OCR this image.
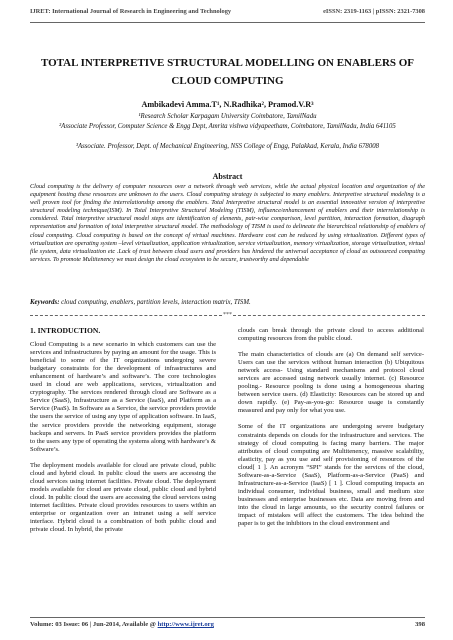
IJRET: International Journal of Research in Engineering and Technology	eISSN: 2319-1163 | pISSN: 2321-7308
TOTAL INTERPRETIVE STRUCTURAL MODELLING ON ENABLERS OF CLOUD COMPUTING
Ambikadevi Amma.T¹, N.Radhika², Pramod.V.R³
¹Research Scholar Karpagam University Coimbatore, TamilNadu
²Associate Professor, Computer Science & Engg Dept, Amrita vishwa vidyapeetham, Coimbatore, TamilNadu, India 641105
³Associate. Professor, Dept. of Mechanical Engineering, NSS College of Engg, Palakkad, Kerala, India 678008
Abstract
Cloud computing is the delivery of computer resources over a network through web services, while the actual physical location and organization of the equipment hosting these resources are unknown to the users. Cloud computing strategy is subjected to many enablers. Interpretive structural modeling is a well proven tool for finding the interrelationship among the enablers. Total Interpretive structural model is an essential innovative version of interpretive structural modeling technique(ISM). In Total Interpretive Structural Modeling (TISM), influence/enhancement of enablers and their interrelationship is considered. Total interpretive structural model steps are identification of elements, pair-wise comparison, level partition, interaction formation, diagraph representation and formation of total interpretive structural model. The methodology of TISM is used to delineate the hierarchical relationship of enablers of cloud computing. Cloud computing is based on the concept of virtual machines. Hardware cost can be reduced by using virtualization. Different types of virtualization are operating system –level virtualization, application virtualization, service virtualization, memory virtualization, storage virtualization, virtual file system, data virtualization etc .Lack of trust between cloud users and providers has hindered the universal acceptance of cloud as outsourced computing services. To promote Multitenency we must design the cloud ecosystem to be secure, trustworthy and dependable
Keywords: cloud computing, enablers, partition levels, interaction matrix, TISM.
***
1. INTRODUCTION.

Cloud Computing is a new scenario in which customers can use the services and infrastructures by paying an amount for the usage. This is beneficial to some of the IT organizations undergoing severe budgetary constraints for the development of infrastructures and enhancement of hardware’s and software’s. The core technologies used in cloud are web applications, services, virtualization and cryptography. The services rendered through cloud are Software as a Service (SaaS), Infrastructure as a Service (IaaS), and Platform as a Service (PaaS). In Software as a Service, the service providers provide the users the service of using any type of application software. In IaaS, the service providers provide the networking equipment, storage backups and servers. In PaaS service providers provides the platform to the users any type of operating the systems along with hardware’s & Software’s.

The deployment models available for cloud are private cloud, public cloud and hybrid cloud. In public cloud the users are accessing the cloud services using internet facilities. Private cloud. The deployment models available for cloud are private cloud, public cloud and hybrid cloud. In public cloud the users are accessing the cloud services using internet facilities. Private cloud provides resources to users within an enterprise or organization over an intranet using a self service interface. Hybrid cloud is a combination of both public cloud and private cloud. In hybrid, the private

clouds can break through the private cloud to access additional computing resources from the public cloud.

The main characteristics of clouds are (a) On demand self service- Users can use the services without human interaction (b) Ubiquitous network access- Using standard mechanisms and protocol cloud services are accessed using network usually internet. (c) Resource pooling.- Resource pooling is done using a homogeneous sharing between service users. (d) Elasticity: Resources can be stored up and down rapidly. (e) Pay-as-you-go: Resource usage is constantly measured and pay only for what you use.

Some of the IT organizations are undergoing severe budgetary constraints depends on clouds for the infrastructure and services. The strategy of cloud computing is facing many barriers. The major attributes of cloud computing are Multitenency, massive scalability, elasticity, pay as you use and self provisioning of resources of the cloud[ 1 ]. An acronym “SPI” stands for the services of the cloud, Software-as-a-Service (SaaS), Platform-as-a-Service (PaaS) and Infrastructure-as-a-Service (IaaS) [ 1 ]. Cloud computing impacts an individual consumer, individual business, small and medium size businesses and enterprise businesses etc. Data are moving from and into the cloud in large amounts, so the security control failures or impact of mistakes will affect the customers. The idea behind the paper is to get the inhibitors in the cloud environment and

Volume: 03 Issue: 06 | Jun-2014, Available @ http://www.ijret.org	398
